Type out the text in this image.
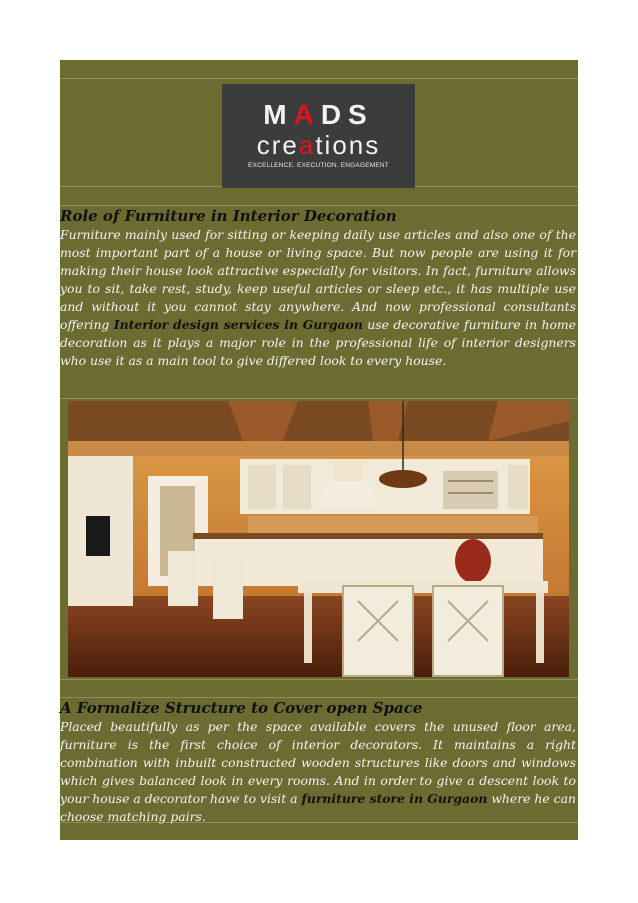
MADS
creations
EXCELLENCE. EXECUTION. ENGAGEMENT
Role of Furniture in Interior Decoration
Furniture mainly used for sitting or keeping daily use articles and also one of the most important part of a house or living space. But now people are using it for making their house look attractive especially for visitors. In fact, furniture allows you to sit, take rest, study, keep useful articles or sleep etc., it has multiple use and without it you cannot stay anywhere. And now professional consultants offering Interior design services in Gurgaon use decorative furniture in home decoration as it plays a major role in the professional life of interior designers who use it as a main tool to give differed look to every house.
A Formalize Structure to Cover open Space
Placed beautifully as per the space available covers the unused floor area, furniture is the first choice of interior decorators. It maintains a right combination with inbuilt constructed wooden structures like doors and windows which gives balanced look in every rooms. And in order to give a descent look to your house a decorator have to visit a furniture store in Gurgaon where he can choose matching pairs.
